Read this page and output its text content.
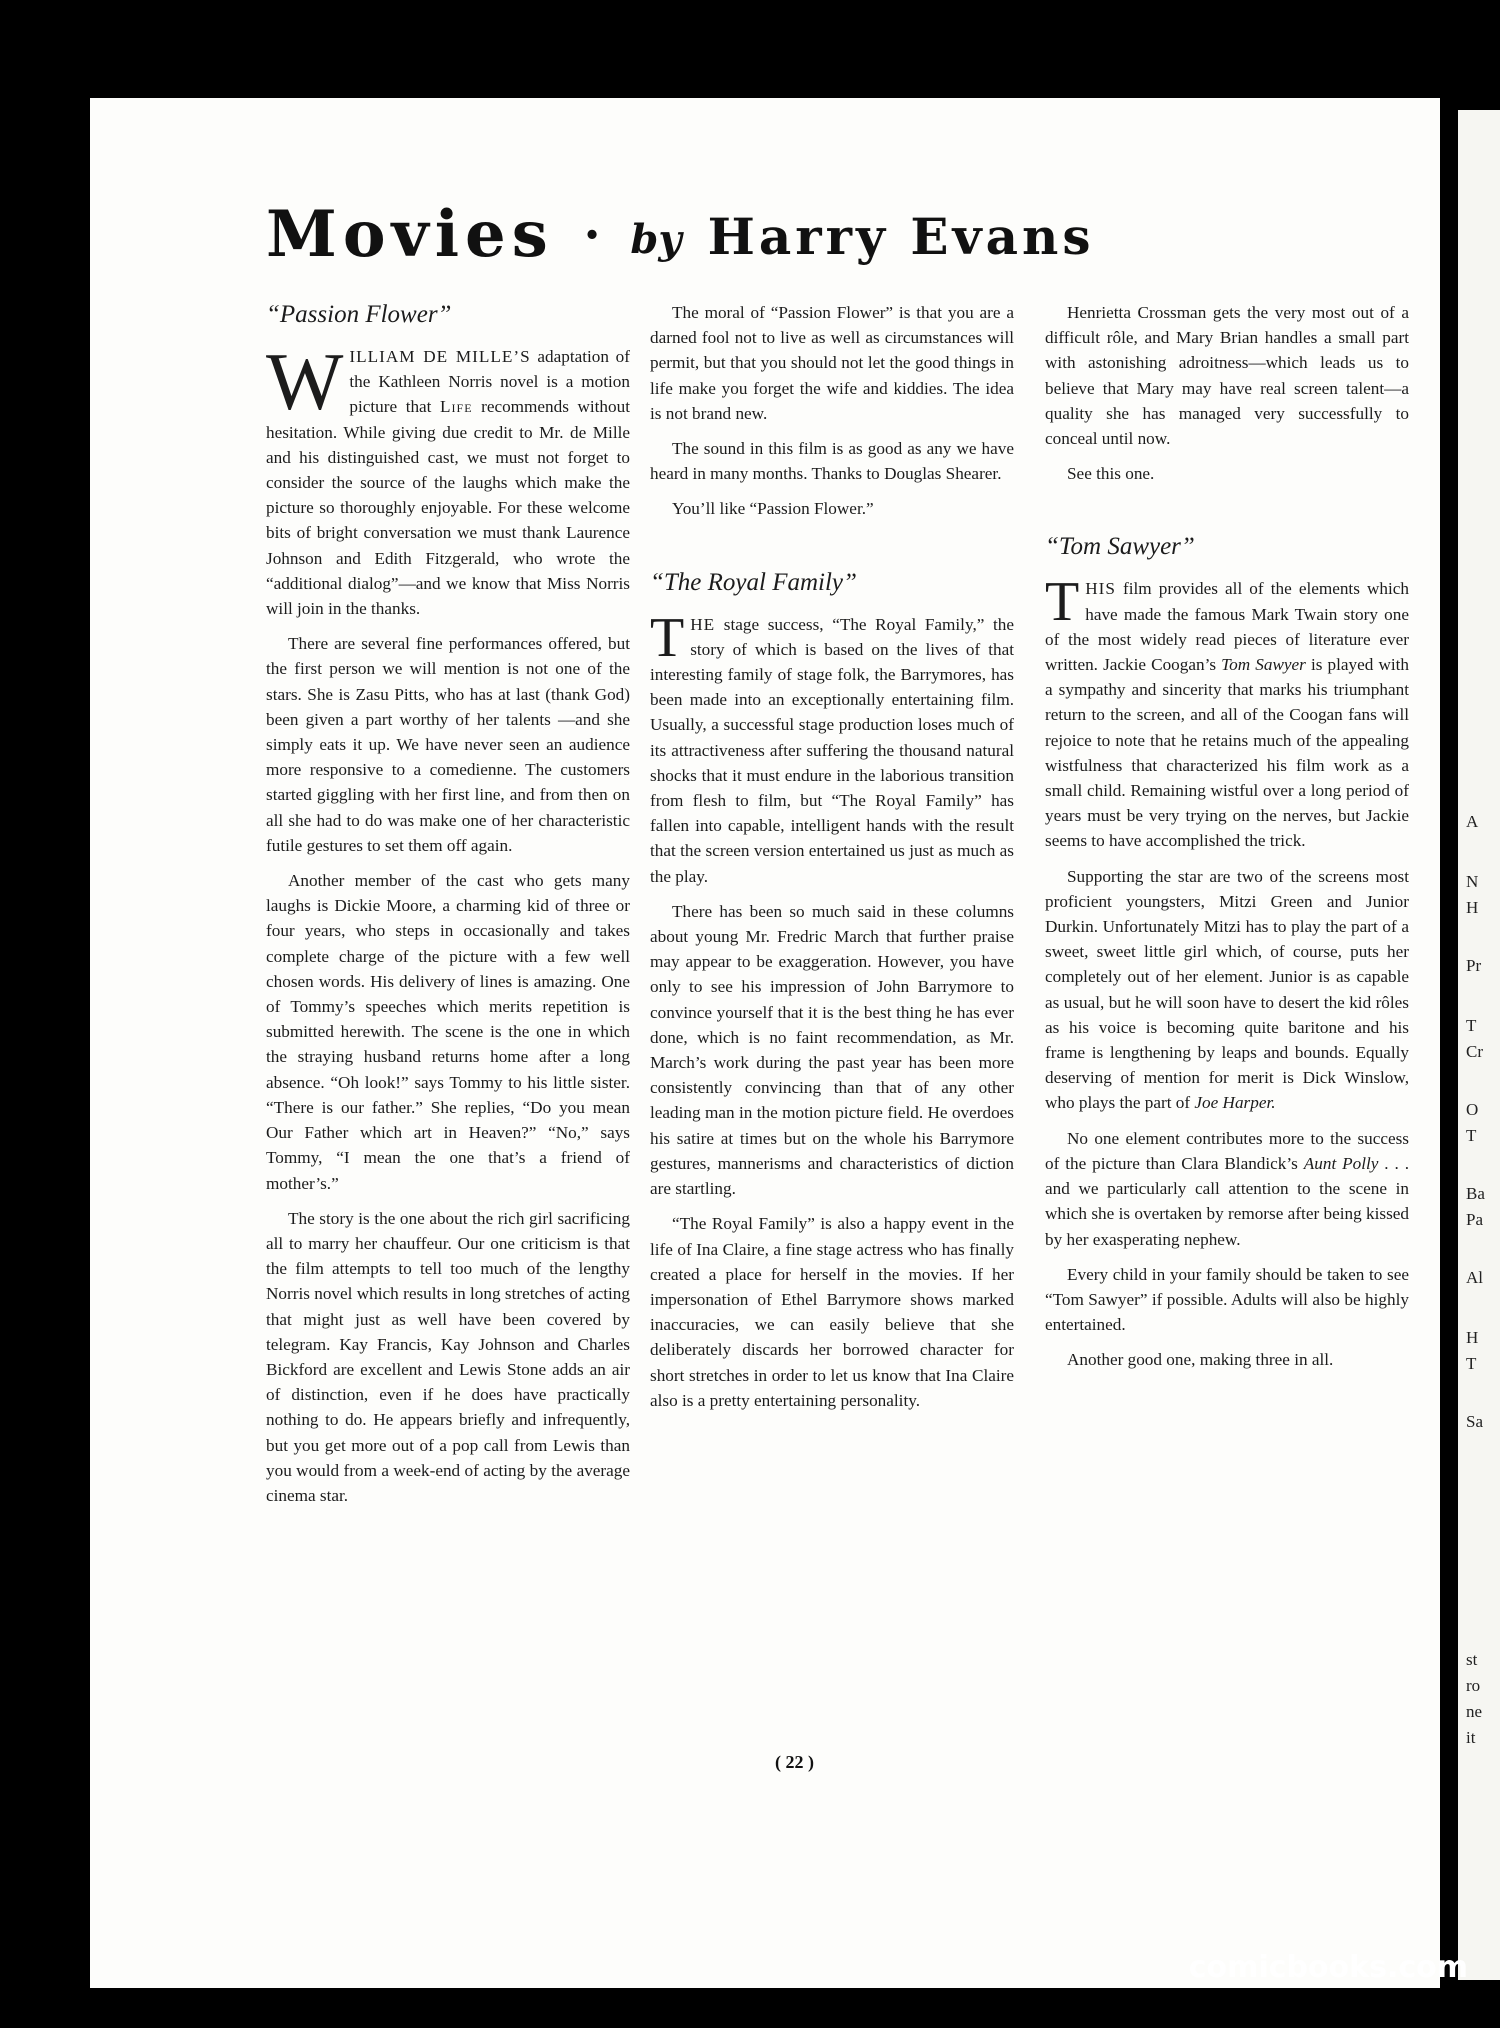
A
N
H
Pr
T
Cr
O
T
Ba
Pa
Al
H
T
Sa
st
ro
ne
it
Movies • by Harry Evans
“Passion Flower”

WILLIAM DE MILLE’S adaptation of the Kathleen Norris novel is a motion picture that Life recommends without hesitation. While giving due credit to Mr. de Mille and his distinguished cast, we must not forget to consider the source of the laughs which make the picture so thoroughly enjoyable. For these welcome bits of bright conversation we must thank Laurence Johnson and Edith Fitzgerald, who wrote the “additional dialog”—and we know that Miss Norris will join in the thanks.

There are several fine performances offered, but the first person we will mention is not one of the stars. She is Zasu Pitts, who has at last (thank God) been given a part worthy of her talents —and she simply eats it up. We have never seen an audience more responsive to a comedienne. The customers started giggling with her first line, and from then on all she had to do was make one of her characteristic futile gestures to set them off again.

Another member of the cast who gets many laughs is Dickie Moore, a charming kid of three or four years, who steps in occasionally and takes complete charge of the picture with a few well chosen words. His delivery of lines is amazing. One of Tommy’s speeches which merits repetition is submitted herewith. The scene is the one in which the straying husband returns home after a long absence. “Oh look!” says Tommy to his little sister. “There is our father.” She replies, “Do you mean Our Father which art in Heaven?” “No,” says Tommy, “I mean the one that’s a friend of mother’s.”

The story is the one about the rich girl sacrificing all to marry her chauffeur. Our one criticism is that the film attempts to tell too much of the lengthy Norris novel which results in long stretches of acting that might just as well have been covered by telegram. Kay Francis, Kay Johnson and Charles Bickford are excellent and Lewis Stone adds an air of distinction, even if he does have practically nothing to do. He appears briefly and infrequently, but you get more out of a pop call from Lewis than you would from a week-end of acting by the average cinema star.

The moral of “Passion Flower” is that you are a darned fool not to live as well as circumstances will permit, but that you should not let the good things in life make you forget the wife and kiddies. The idea is not brand new.

The sound in this film is as good as any we have heard in many months. Thanks to Douglas Shearer.

You’ll like “Passion Flower.”

“The Royal Family”

THE stage success, “The Royal Family,” the story of which is based on the lives of that interesting family of stage folk, the Barrymores, has been made into an exceptionally entertaining film. Usually, a successful stage production loses much of its attractiveness after suffering the thousand natural shocks that it must endure in the laborious transition from flesh to film, but “The Royal Family” has fallen into capable, intelligent hands with the result that the screen version entertained us just as much as the play.

There has been so much said in these columns about young Mr. Fredric March that further praise may appear to be exaggeration. However, you have only to see his impression of John Barrymore to convince yourself that it is the best thing he has ever done, which is no faint recommendation, as Mr. March’s work during the past year has been more consistently convincing than that of any other leading man in the motion picture field. He overdoes his satire at times but on the whole his Barrymore gestures, mannerisms and characteristics of diction are startling.

“The Royal Family” is also a happy event in the life of Ina Claire, a fine stage actress who has finally created a place for herself in the movies. If her impersonation of Ethel Barrymore shows marked inaccuracies, we can easily believe that she deliberately discards her borrowed character for short stretches in order to let us know that Ina Claire also is a pretty entertaining personality.

Henrietta Crossman gets the very most out of a difficult rôle, and Mary Brian handles a small part with astonishing adroitness—which leads us to believe that Mary may have real screen talent—a quality she has managed very successfully to conceal until now.

See this one.

“Tom Sawyer”

THIS film provides all of the elements which have made the famous Mark Twain story one of the most widely read pieces of literature ever written. Jackie Coogan’s Tom Sawyer is played with a sympathy and sincerity that marks his triumphant return to the screen, and all of the Coogan fans will rejoice to note that he retains much of the appealing wistfulness that characterized his film work as a small child. Remaining wistful over a long period of years must be very trying on the nerves, but Jackie seems to have accomplished the trick.

Supporting the star are two of the screens most proficient youngsters, Mitzi Green and Junior Durkin. Unfortunately Mitzi has to play the part of a sweet, sweet little girl which, of course, puts her completely out of her element. Junior is as capable as usual, but he will soon have to desert the kid rôles as his voice is becoming quite baritone and his frame is lengthening by leaps and bounds. Equally deserving of mention for merit is Dick Winslow, who plays the part of Joe Harper.

No one element contributes more to the success of the picture than Clara Blandick’s Aunt Polly . . . and we particularly call attention to the scene in which she is overtaken by remorse after being kissed by her exasperating nephew.

Every child in your family should be taken to see “Tom Sawyer” if possible. Adults will also be highly entertained.

Another good one, making three in all.

( 22 )
comicbooks.com
